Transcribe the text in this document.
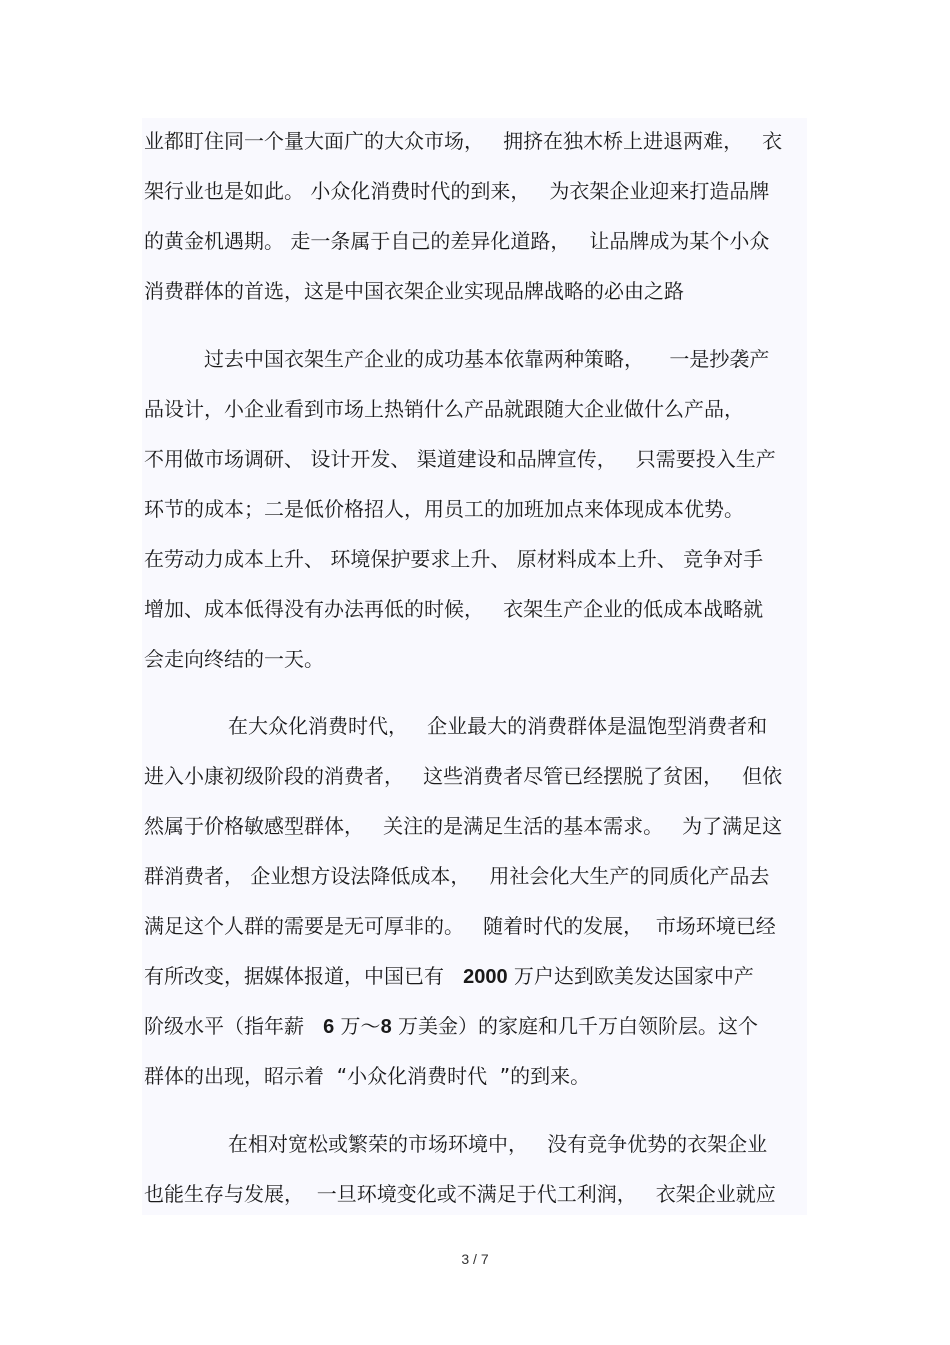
业都盯住同一个量大面广的大众市场，   拥挤在独木桥上进退两难，   衣
架行业也是如此。 小众化消费时代的到来，   为衣架企业迎来打造品牌
的黄金机遇期。 走一条属于自己的差异化道路，   让品牌成为某个小众
消费群体的首选，这是中国衣架企业实现品牌战略的必由之路
过去中国衣架生产企业的成功基本依靠两种策略，    一是抄袭产
品设计，小企业看到市场上热销什么产品就跟随大企业做什么产品，
不用做市场调研、 设计开发、 渠道建设和品牌宣传，   只需要投入生产
环节的成本；二是低价格招人，用员工的加班加点来体现成本优势。
在劳动力成本上升、 环境保护要求上升、 原材料成本上升、 竞争对手
增加、成本低得没有办法再低的时候，   衣架生产企业的低成本战略就
会走向终结的一天。
在大众化消费时代，   企业最大的消费群体是温饱型消费者和
进入小康初级阶段的消费者，   这些消费者尽管已经摆脱了贫困，   但依
然属于价格敏感型群体，   关注的是满足生活的基本需求。   为了满足这
群消费者， 企业想方设法降低成本，   用社会化大生产的同质化产品去
满足这个人群的需要是无可厚非的。   随着时代的发展，  市场环境已经
有所改变，据媒体报道，中国已有   2000 万户达到欧美发达国家中产
阶级水平（指年薪   6 万～8 万美金）的家庭和几千万白领阶层。这个
群体的出现，昭示着  “小众化消费时代  ”的到来。
在相对宽松或繁荣的市场环境中，   没有竞争优势的衣架企业
也能生存与发展，  一旦环境变化或不满足于代工利润，   衣架企业就应
3 / 7
